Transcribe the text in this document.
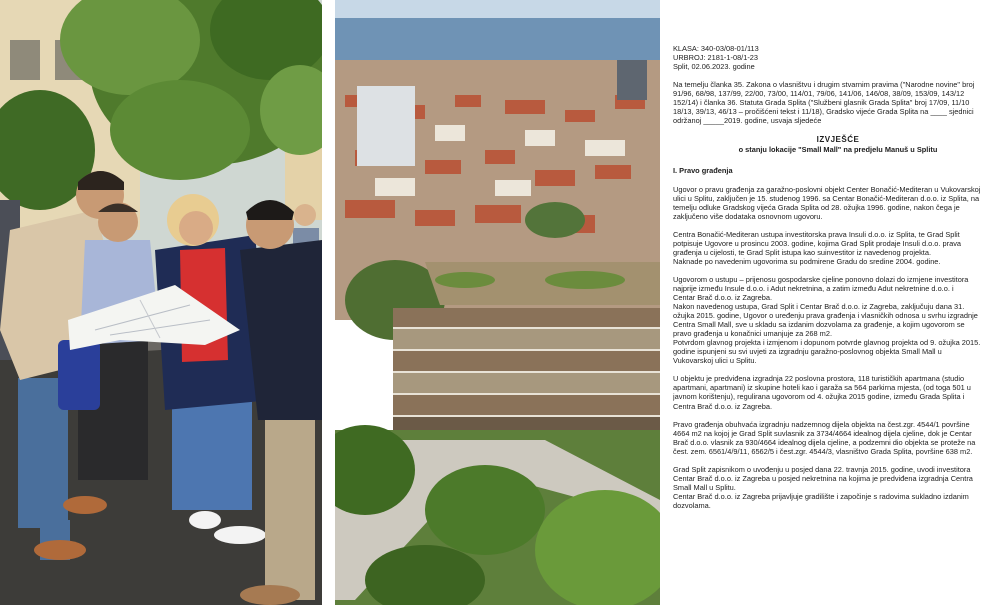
KLASA: 340-03/08-01/113
URBROJ: 2181-1-08/1-23
Split, 02.06.2023. godine
Na temelju članka 35. Zakona o vlasništvu i drugim stvarnim pravima ("Narodne novine" broj
91/96, 68/98, 137/99, 22/00, 73/00, 114/01, 79/06, 141/06, 146/08, 38/09, 153/09, 143/12
152/14) i članka 36. Statuta Grada Splita ("Službeni glasnik Grada Splita" broj 17/09, 11/10
18/13, 39/13, 46/13 – pročišćeni tekst i 11/18), Gradsko vijeće Grada Splita na ____ sjednici
održanoj _____2019. godine, usvaja sljedeće
IZVJEŠĆE
o stanju lokacije "Small Mall" na predjelu Manuš u Splitu
I. Pravo građenja
Ugovor o pravu građenja za garažno-poslovni objekt Center Bonačić-Mediteran u Vukovarskoj
ulici u Splitu, zaključen je 15. studenog 1996. sa Centar Bonačić-Mediteran d.o.o. iz Splita, na
temelju odluke Gradskog vijeća Grada Splita od 28. ožujka 1996. godine, nakon čega je
zaključeno više dodataka osnovnom ugovoru.
Centra Bonačić-Mediteran ustupa investitorska prava Insuli d.o.o. iz Splita, te Grad Split
potpisuje Ugovore u prosincu 2003. godine, kojima Grad Split prodaje Insuli d.o.o. prava
građenja u cijelosti, te Grad Split istupa kao suinvestitor iz navedenog projekta.
Naknade po navedenim ugovorima su podmirene Gradu do sredine 2004. godine.
Ugovorom o ustupu – prijenosu gospodarske cjeline ponovno dolazi do izmjene investitora
najprije između Insule d.o.o. i Adut nekretnina, a zatim između Adut nekretnine d.o.o. i
Centar Brač d.o.o. iz Zagreba.
Nakon navedenog ustupa, Grad Split i Centar Brač d.o.o. iz Zagreba, zaključuju dana 31.
ožujka 2015. godine, Ugovor o uređenju prava građenja i vlasničkih odnosa u svrhu izgradnje
Centra Small Mall, sve u skladu sa izdanim dozvolama za građenje, a kojim ugovorom se
pravo građenja u konačnici umanjuje za 268 m2.
Potvrdom glavnog projekta i izmjenom i dopunom potvrde glavnog projekta od 9. ožujka 2015.
godine ispunjeni su svi uvjeti za izgradnju garažno-poslovnog objekta Small Mall u
Vukovarskoj ulici u Splitu.
U objektu je predviđena izgradnja 22 poslovna prostora, 118 turističkih apartmana (studio
apartmani, apartmani) iz skupine hoteli kao i garaža sa 564 parkirna mjesta, (od toga 501 u
javnom korištenju), regulirana ugovorom od 4. ožujka 2015 godine, između Grada Splita i
Centra Brač d.o.o. iz Zagreba.
Pravo građenja obuhvaća izgradnju nadzemnog dijela objekta na čest.zgr. 4544/1 površine
4664 m2 na kojoj je Grad Split suvlasnik za 3734/4664 idealnog dijela cjeline, dok je Centar
Brač d.o.o. vlasnik za 930/4664 idealnog dijela cjeline, a podzemni dio objekta se proteže na
čest. zem. 6561/4/9/11, 6562/5 i čest.zgr. 4544/3, vlasništvo Grada Splita, površine 638 m2.
Grad Split zapisnikom o uvođenju u posjed dana 22. travnja 2015. godine, uvodi investitora
Centar Brač d.o.o. iz Zagreba u posjed nekretnina na kojima je predviđena izgradnja Centra
Small Mall u Splitu.
Centar Brač d.o.o. iz Zagreba prijavljuje gradilište i započinje s radovima sukladno izdanim
dozvolama.
